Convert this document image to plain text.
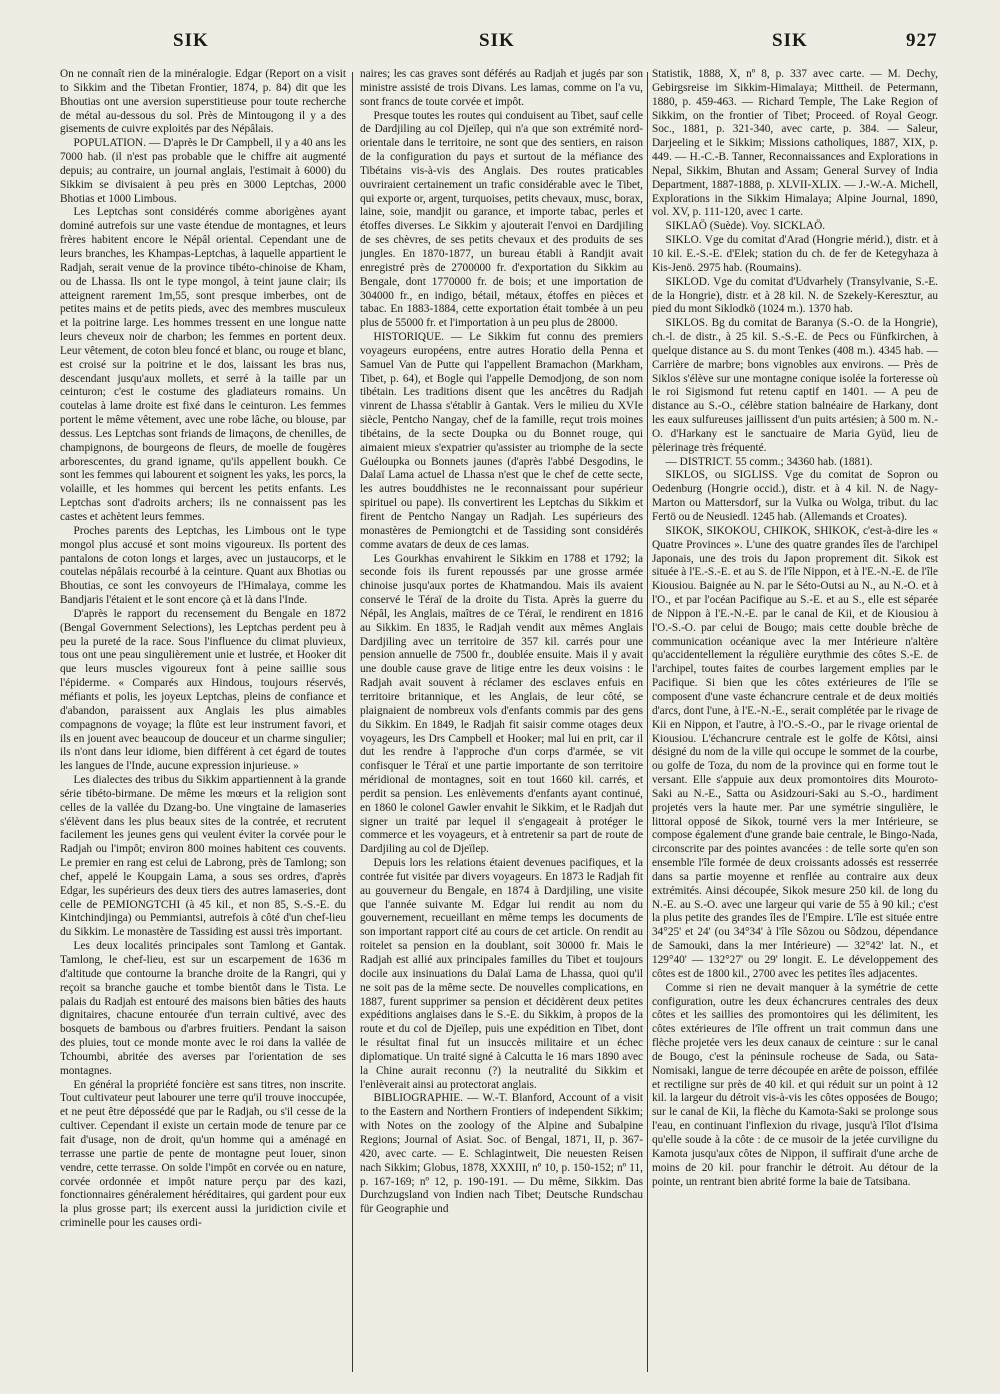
SIK	SIK	SIK	927

On ne connaît rien de la minéralogie. Edgar (Report on a visit to Sikkim and the Tibetan Frontier, 1874, p. 84) dit que les Bhoutias ont une aversion superstitieuse pour toute recherche de métal au-dessous du sol. Près de Mintougong il y a des gisements de cuivre exploités par des Népâlais.

POPULATION. — D'après le Dr Campbell, il y a 40 ans les 7000 hab. (il n'est pas probable que le chiffre ait augmenté depuis; au contraire, un journal anglais, l'estimait à 6000) du Sikkim se divisaient à peu près en 3000 Leptchas, 2000 Bhotias et 1000 Limbous.

Les Leptchas sont considérés comme aborigènes ayant dominé autrefois sur une vaste étendue de montagnes, et leurs frères habitent encore le Népâl oriental. Cependant une de leurs branches, les Khampas-Leptchas, à laquelle appartient le Radjah, serait venue de la province tibéto-chinoise de Kham, ou de Lhassa. Ils ont le type mongol, à teint jaune clair; ils atteignent rarement 1m,55, sont presque imberbes, ont de petites mains et de petits pieds, avec des membres musculeux et la poitrine large. Les hommes tressent en une longue natte leurs cheveux noir de charbon; les femmes en portent deux. Leur vêtement, de coton bleu foncé et blanc, ou rouge et blanc, est croisé sur la poitrine et le dos, laissant les bras nus, descendant jusqu'aux mollets, et serré à la taille par un ceinturon; c'est le costume des gladiateurs romains. Un coutelas à lame droite est fixé dans le ceinturon. Les femmes portent le même vêtement, avec une robe lâche, ou blouse, par dessus. Les Leptchas sont friands de limaçons, de chenilles, de champignons, de bourgeons de fleurs, de moelle de fougères arborescentes, du grand igname, qu'ils appellent boukh. Ce sont les femmes qui labourent et soignent les yaks, les porcs, la volaille, et les hommes qui bercent les petits enfants. Les Leptchas sont d'adroits archers; ils ne connaissent pas les castes et achètent leurs femmes.

Proches parents des Leptchas, les Limbous ont le type mongol plus accusé et sont moins vigoureux. Ils portent des pantalons de coton longs et larges, avec un justaucorps, et le coutelas népâlais recourbé à la ceinture. Quant aux Bhotias ou Bhoutias, ce sont les convoyeurs de l'Himalaya, comme les Bandjaris l'étaient et le sont encore çà et là dans l'Inde.

D'après le rapport du recensement du Bengale en 1872 (Bengal Government Selections), les Leptchas perdent peu à peu la pureté de la race. Sous l'influence du climat pluvieux, tous ont une peau singulièrement unie et lustrée, et Hooker dit que leurs muscles vigoureux font à peine saillie sous l'épiderme. « Comparés aux Hindous, toujours réservés, méfiants et polis, les joyeux Leptchas, pleins de confiance et d'abandon, paraissent aux Anglais les plus aimables compagnons de voyage; la flûte est leur instrument favori, et ils en jouent avec beaucoup de douceur et un charme singulier; ils n'ont dans leur idiome, bien différent à cet égard de toutes les langues de l'Inde, aucune expression injurieuse. »

Les dialectes des tribus du Sikkim appartiennent à la grande série tibéto-birmane. De même les mœurs et la religion sont celles de la vallée du Dzang-bo. Une vingtaine de lamaseries s'élèvent dans les plus beaux sites de la contrée, et recrutent facilement les jeunes gens qui veulent éviter la corvée pour le Radjah ou l'impôt; environ 800 moines habitent ces couvents. Le premier en rang est celui de Labrong, près de Tamlong; son chef, appelé le Koupgain Lama, a sous ses ordres, d'après Edgar, les supérieurs des deux tiers des autres lamaseries, dont celle de PEMIONGTCHI (à 45 kil., et non 85, S.-S.-E. du Kintchindjinga) ou Pemmiantsi, autrefois à côté d'un chef-lieu du Sikkim. Le monastère de Tassiding est aussi très important.

Les deux localités principales sont Tamlong et Gantak. Tamlong, le chef-lieu, est sur un escarpement de 1636 m d'altitude que contourne la branche droite de la Rangri, qui y reçoit sa branche gauche et tombe bientôt dans le Tista. Le palais du Radjah est entouré des maisons bien bâties des hauts dignitaires, chacune entourée d'un terrain cultivé, avec des bosquets de bambous ou d'arbres fruitiers. Pendant la saison des pluies, tout ce monde monte avec le roi dans la vallée de Tchoumbi, abritée des averses par l'orientation de ses montagnes.

En général la propriété foncière est sans titres, non inscrite. Tout cultivateur peut labourer une terre qu'il trouve inoccupée, et ne peut être dépossédé que par le Radjah, ou s'il cesse de la cultiver. Cependant il existe un certain mode de tenure par ce fait d'usage, non de droit, qu'un homme qui a aménagé en terrasse une partie de pente de montagne peut louer, sinon vendre, cette terrasse. On solde l'impôt en corvée ou en nature, corvée ordonnée et impôt nature perçu par des kazi, fonctionnaires généralement héréditaires, qui gardent pour eux la plus grosse part; ils exercent aussi la juridiction civile et criminelle pour les causes ordi-

naires; les cas graves sont déférés au Radjah et jugés par son ministre assisté de trois Divans. Les lamas, comme on l'a vu, sont francs de toute corvée et impôt.

Presque toutes les routes qui conduisent au Tibet, sauf celle de Dardjiling au col Djeïlep, qui n'a que son extrémité nord-orientale dans le territoire, ne sont que des sentiers, en raison de la configuration du pays et surtout de la méfiance des Tibétains vis-à-vis des Anglais. Des routes praticables ouvriraient certainement un trafic considérable avec le Tibet, qui exporte or, argent, turquoises, petits chevaux, musc, borax, laine, soie, mandjit ou garance, et importe tabac, perles et étoffes diverses. Le Sikkim y ajouterait l'envoi en Dardjiling de ses chèvres, de ses petits chevaux et des produits de ses jungles. En 1870-1877, un bureau établi à Randjit avait enregistré près de 2700000 fr. d'exportation du Sikkim au Bengale, dont 1770000 fr. de bois; et une importation de 304000 fr., en indigo, bétail, métaux, étoffes en pièces et tabac. En 1883-1884, cette exportation était tombée à un peu plus de 55000 fr. et l'importation à un peu plus de 28000.

HISTORIQUE. — Le Sikkim fut connu des premiers voyageurs européens, entre autres Horatio della Penna et Samuel Van de Putte qui l'appellent Bramachon (Markham, Tibet, p. 64), et Bogle qui l'appelle Demodjong, de son nom tibétain. Les traditions disent que les ancêtres du Radjah vinrent de Lhassa s'établir à Gantak. Vers le milieu du XVIe siècle, Pentcho Nangay, chef de la famille, reçut trois moines tibétains, de la secte Doupka ou du Bonnet rouge, qui aimaient mieux s'expatrier qu'assister au triomphe de la secte Guéloupka ou Bonnets jaunes (d'après l'abbé Desgodins, le Dalaï Lama actuel de Lhassa n'est que le chef de cette secte, les autres bouddhistes ne le reconnaissant pour supérieur spirituel ou pape). Ils convertirent les Leptchas du Sikkim et firent de Pentcho Nangay un Radjah. Les supérieurs des monastères de Pemiongtchi et de Tassiding sont considérés comme avatars de deux de ces lamas.

Les Gourkhas envahirent le Sikkim en 1788 et 1792; la seconde fois ils furent repoussés par une grosse armée chinoise jusqu'aux portes de Khatmandou. Mais ils avaient conservé le Téraï de la droite du Tista. Après la guerre du Népâl, les Anglais, maîtres de ce Téraï, le rendirent en 1816 au Sikkim. En 1835, le Radjah vendit aux mêmes Anglais Dardjiling avec un territoire de 357 kil. carrés pour une pension annuelle de 7500 fr., doublée ensuite. Mais il y avait une double cause grave de litige entre les deux voisins : le Radjah avait souvent à réclamer des esclaves enfuis en territoire britannique, et les Anglais, de leur côté, se plaignaient de nombreux vols d'enfants commis par des gens du Sikkim. En 1849, le Radjah fit saisir comme otages deux voyageurs, les Drs Campbell et Hooker; mal lui en prit, car il dut les rendre à l'approche d'un corps d'armée, se vit confisquer le Téraï et une partie importante de son territoire méridional de montagnes, soit en tout 1660 kil. carrés, et perdit sa pension. Les enlèvements d'enfants ayant continué, en 1860 le colonel Gawler envahit le Sikkim, et le Radjah dut signer un traité par lequel il s'engageait à protéger le commerce et les voyageurs, et à entretenir sa part de route de Dardjiling au col de Djeïlep.

Depuis lors les relations étaient devenues pacifiques, et la contrée fut visitée par divers voyageurs. En 1873 le Radjah fit au gouverneur du Bengale, en 1874 à Dardjiling, une visite que l'année suivante M. Edgar lui rendit au nom du gouvernement, recueillant en même temps les documents de son important rapport cité au cours de cet article. On rendit au roitelet sa pension en la doublant, soit 30000 fr. Mais le Radjah est allié aux principales familles du Tibet et toujours docile aux insinuations du Dalaï Lama de Lhassa, quoi qu'il ne soit pas de la même secte. De nouvelles complications, en 1887, furent supprimer sa pension et décidèrent deux petites expéditions anglaises dans le S.-E. du Sikkim, à propos de la route et du col de Djeïlep, puis une expédition en Tibet, dont le résultat final fut un insuccès militaire et un échec diplomatique. Un traité signé à Calcutta le 16 mars 1890 avec la Chine aurait reconnu (?) la neutralité du Sikkim et l'enlèverait ainsi au protectorat anglais.

BIBLIOGRAPHIE. — W.-T. Blanford, Account of a visit to the Eastern and Northern Frontiers of independent Sikkim; with Notes on the zoology of the Alpine and Subalpine Regions; Journal of Asiat. Soc. of Bengal, 1871, II, p. 367-420, avec carte. — E. Schlagintweit, Die neuesten Reisen nach Sikkim; Globus, 1878, XXXIII, nº 10, p. 150-152; nº 11, p. 167-169; nº 12, p. 190-191. — Du même, Sikkim. Das Durchzugsland von Indien nach Tibet; Deutsche Rundschau für Geographie und

Statistik, 1888, X, nº 8, p. 337 avec carte. — M. Dechy, Gebirgsreise im Sikkim-Himalaya; Mittheil. de Petermann, 1880, p. 459-463. — Richard Temple, The Lake Region of Sikkim, on the frontier of Tibet; Proceed. of Royal Geogr. Soc., 1881, p. 321-340, avec carte, p. 384. — Saleur, Darjeeling et le Sikkim; Missions catholiques, 1887, XIX, p. 449. — H.-C.-B. Tanner, Reconnaissances and Explorations in Nepal, Sikkim, Bhutan and Assam; General Survey of India Department, 1887-1888, p. XLVII-XLIX. — J.-W.-A. Michell, Explorations in the Sikkim Himalaya; Alpine Journal, 1890, vol. XV, p. 111-120, avec 1 carte.

SIKLAÖ (Suède). Voy. SICKLAÖ.

SIKLO. Vge du comitat d'Arad (Hongrie mérid.), distr. et à 10 kil. E.-S.-E. d'Elek; station du ch. de fer de Ketegyhaza à Kis-Jenö. 2975 hab. (Roumains).

SIKLOD. Vge du comitat d'Udvarhely (Transylvanie, S.-E. de la Hongrie), distr. et à 28 kil. N. de Szekely-Keresztur, au pied du mont Siklodkö (1024 m.). 1370 hab.

SIKLOS. Bg du comitat de Baranya (S.-O. de la Hongrie), ch.-l. de distr., à 25 kil. S.-S.-E. de Pecs ou Fünfkirchen, à quelque distance au S. du mont Tenkes (408 m.). 4345 hab. — Carrière de marbre; bons vignobles aux environs. — Près de Siklos s'élève sur une montagne conique isolée la forteresse où le roi Sigismond fut retenu captif en 1401. — A peu de distance au S.-O., célèbre station balnéaire de Harkany, dont les eaux sulfureuses jaillissent d'un puits artésien; à 500 m. N.-O. d'Harkany est le sanctuaire de Maria Gyüd, lieu de pèlerinage très fréquenté.

— DISTRICT. 55 comm.; 34360 hab. (1881).

SIKLOS, ou SIGLISS. Vge du comitat de Sopron ou Oedenburg (Hongrie occid.), distr. et à 4 kil. N. de Nagy-Marton ou Mattersdorf, sur la Vulka ou Wolga, tribut. du lac Fertö ou de Neusiedl. 1245 hab. (Allemands et Croates).

SIKOK, SIKOKOU, CHIKOK, SHIKOK, c'est-à-dire les « Quatre Provinces ». L'une des quatre grandes îles de l'archipel Japonais, une des trois du Japon proprement dit. Sikok est située à l'E.-S.-E. et au S. de l'île Nippon, et à l'E.-N.-E. de l'île Kiousiou. Baignée au N. par le Séto-Outsi au N., au N.-O. et à l'O., et par l'océan Pacifique au S.-E. et au S., elle est séparée de Nippon à l'E.-N.-E. par le canal de Kii, et de Kiousiou à l'O.-S.-O. par celui de Bougo; mais cette double brèche de communication océanique avec la mer Intérieure n'altère qu'accidentellement la régulière eurythmie des côtes S.-E. de l'archipel, toutes faites de courbes largement emplies par le Pacifique. Si bien que les côtes extérieures de l'île se composent d'une vaste échancrure centrale et de deux moitiés d'arcs, dont l'une, à l'E.-N.-E., serait complétée par le rivage de Kii en Nippon, et l'autre, à l'O.-S.-O., par le rivage oriental de Kiousiou. L'échancrure centrale est le golfe de Kôtsi, ainsi désigné du nom de la ville qui occupe le sommet de la courbe, ou golfe de Toza, du nom de la province qui en forme tout le versant. Elle s'appuie aux deux promontoires dits Mouroto-Saki au N.-E., Satta ou Asidzouri-Saki au S.-O., hardiment projetés vers la haute mer. Par une symétrie singulière, le littoral opposé de Sikok, tourné vers la mer Intérieure, se compose également d'une grande baie centrale, le Bingo-Nada, circonscrite par des pointes avancées : de telle sorte qu'en son ensemble l'île formée de deux croissants adossés est resserrée dans sa partie moyenne et renflée au contraire aux deux extrémités. Ainsi découpée, Sikok mesure 250 kil. de long du N.-E. au S.-O. avec une largeur qui varie de 55 à 90 kil.; c'est la plus petite des grandes îles de l'Empire. L'île est située entre 34°25' et 24' (ou 34°34' à l'île Sôzou ou Sôdzou, dépendance de Samouki, dans la mer Intérieure) — 32°42' lat. N., et 129°40' — 132°27' ou 29' longit. E. Le développement des côtes est de 1800 kil., 2700 avec les petites îles adjacentes.

Comme si rien ne devait manquer à la symétrie de cette configuration, outre les deux échancrures centrales des deux côtes et les saillies des promontoires qui les délimitent, les côtes extérieures de l'île offrent un trait commun dans une flèche projetée vers les deux canaux de ceinture : sur le canal de Bougo, c'est la péninsule rocheuse de Sada, ou Sata-Nomisaki, langue de terre découpée en arête de poisson, effilée et rectiligne sur près de 40 kil. et qui réduit sur un point à 12 kil. la largeur du détroit vis-à-vis les côtes opposées de Bougo; sur le canal de Kii, la flèche du Kamota-Saki se prolonge sous l'eau, en continuant l'inflexion du rivage, jusqu'à l'îlot d'Isima qu'elle soude à la côte : de ce musoir de la jetée curviligne du Kamota jusqu'aux côtes de Nippon, il suffirait d'une arche de moins de 20 kil. pour franchir le détroit. Au détour de la pointe, un rentrant bien abrité forme la baie de Tatsibana.
